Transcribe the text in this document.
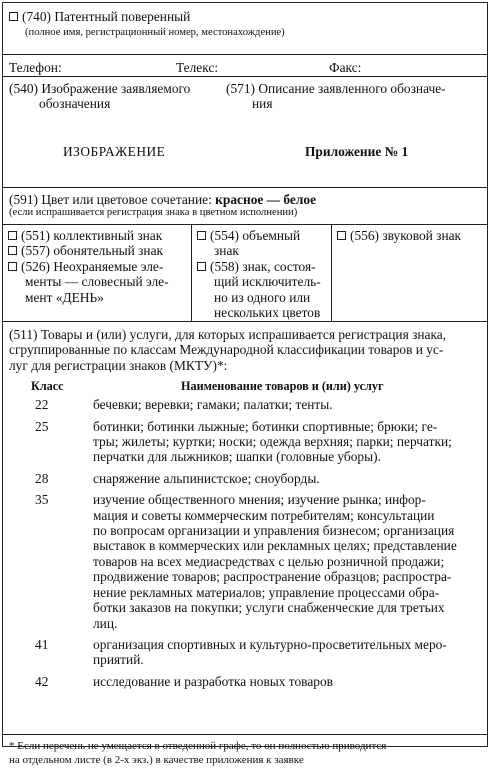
(740) Патентный поверенный
(полное имя, регистрационный номер, местонахождение)
Телефон:	Телекс:	Факс:
(540) Изображение заявляемого
обозначения
(571) Описание заявленного обозначе-
ния
ИЗОБРАЖЕНИЕ	Приложение № 1
(591) Цвет или цветовое сочетание: красное — белое
(если испрашивается регистрация знака в цветном исполнении)
(551) коллективный знак
(557) обонятельный знак
(526) Неохраняемые эле-
менты — словесный эле-
мент «ДЕНЬ»
(554) объемный
знак
(558) знак, состоя-
щий исключитель-
но из одного или
нескольких цветов
(556) звуковой знак
(511) Товары и (или) услуги, для которых испрашивается регистрация знака,
сгруппированные по классам Международной классификации товаров и ус-
луг для регистрации знаков (МКТУ)*:
Класс	Наименование товаров и (или) услуг
22	бечевки; веревки; гамаки; палатки; тенты.
25	ботинки; ботинки лыжные; ботинки спортивные; брюки; ге-
тры; жилеты; куртки; носки; одежда верхняя; парки; перчатки;
перчатки для лыжников; шапки (головные уборы).
28	снаряжение альпинистское; сноуборды.
35	изучение общественного мнения; изучение рынка; инфор-
мация и советы коммерческим потребителям; консультации
по вопросам организации и управления бизнесом; организация
выставок в коммерческих или рекламных целях; представление
товаров на всех медиасредствах с целью розничной продажи;
продвижение товаров; распространение образцов; распростра-
нение рекламных материалов; управление процессами обра-
ботки заказов на покупки; услуги снабженческие для третьих
лиц.
41	организация спортивных и культурно-просветительных меро-
приятий.
42	исследование и разработка новых товаров
* Если перечень не умещается в отведенной графе, то он полностью приводится
на отдельном листе (в 2-х экз.) в качестве приложения к заявке
